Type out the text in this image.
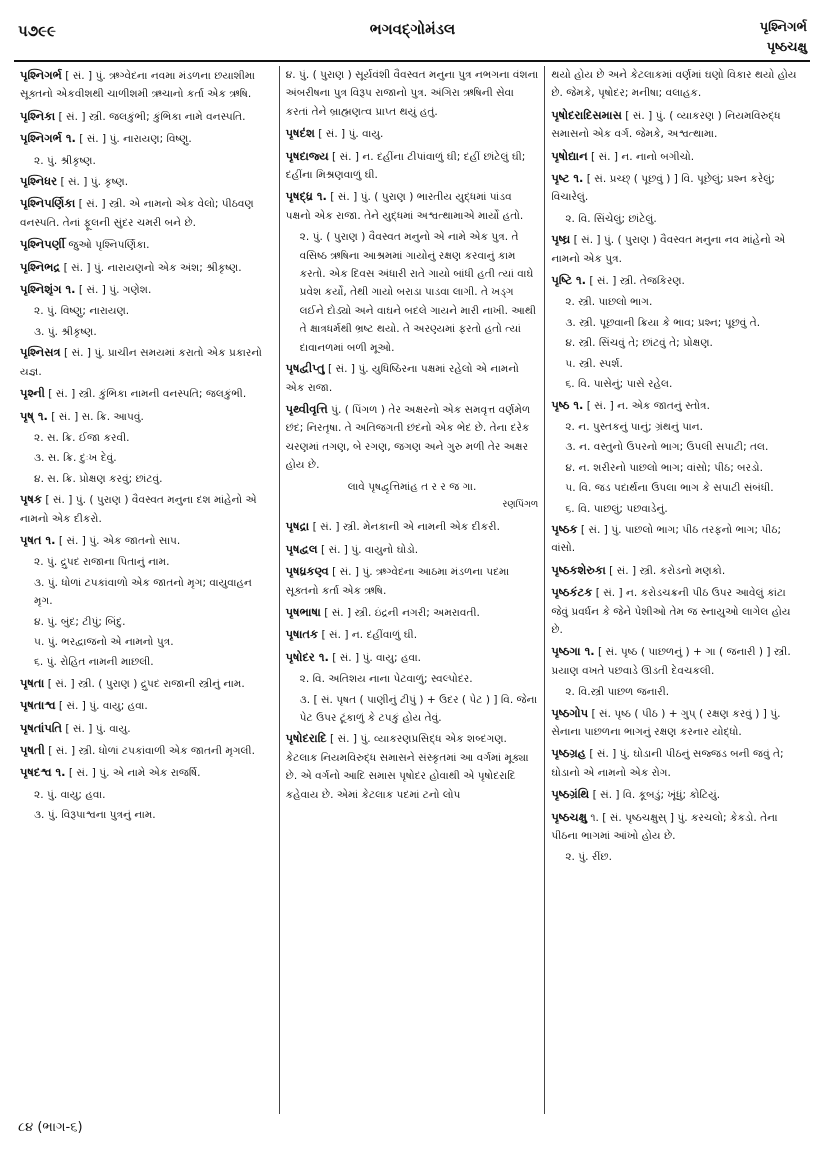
પ૭૯૯	ભગવદ્ગોમંડલ	પૃશ્નિગર્ભ
પૃષ્ઠચક્ષુ

પૃશ્નિગર્ભ [ સં. ] પું. ઋગ્વેદના નવમા મંડળના છયાશીમા સૂક્તનો એકવીશથી ચાળીશમી ઋચાનો કર્તા એક ઋષિ.

પૃશ્નિકા [ સં. ] સ્ત્રી. જલકુંભી; કુંભિકા નામે વનસ્પતિ.

પૃશ્નિગર્ભ ૧. [ સં. ] પું. નારાયણ; વિષ્ણુ.

૨. પું. શ્રીકૃષ્ણ.

પૃશ્નિધર [ સં. ] પું. કૃષ્ણ.

પૃશ્નિપર્ણિકા [ સં. ] સ્ત્રી. એ નામનો એક વેલો; પીઠવણ વનસ્પતિ. તેનાં ફૂલની સુંદર ચમરી બને છે.

પૃશ્નિપર્ણી જુઓ પૃશ્નિપર્ણિકા.

પૃશ્નિભદ્ર [ સં. ] પું. નારાયણનો એક અંશ; શ્રીકૃષ્ણ.

પૃશ્નિશૃંગ ૧. [ સં. ] પું. ગણેશ.

૨. પું. વિષ્ણુ; નારાયણ.

૩. પું. શ્રીકૃષ્ણ.

પૃશ્નિસત્ર [ સં. ] પું. પ્રાચીન સમયમાં કરાતો એક પ્રકારનો યજ્ઞ.

પૃશ્ની [ સં. ] સ્ત્રી. કુંભિકા નામની વનસ્પતિ; જલકુંભી.

પૃષ્ ૧. [ સં. ] સ. ક્રિ. આપવું.

૨. સ. ક્રિ. ઈજા કરવી.

૩. સ. ક્રિ. દુઃખ દેવું.

૪. સ. ક્રિ. પ્રોક્ષણ કરવું; છાંટવું.

પૃષક [ સં. ] પું. ( પુરાણ ) વૈવસ્વત મનુના દશ માંહેનો એ નામનો એક દીકરો.

પૃષત ૧. [ સં. ] પું. એક જાતનો સાપ.

૨. પું. દ્રુપદ રાજાના પિતાનું નામ.

૩. પું. ધોળાં ટપકાંવાળો એક જાતનો મૃગ; વાયુવાહન મૃગ.

૪. પું. બુંદ; ટીપું; બિંદુ.

૫. પું. ભરદ્વાજનો એ નામનો પુત્ર.

૬. પું. રોહિત નામની માછલી.

પૃષતા [ સં. ] સ્ત્રી. ( પુરાણ ) દ્રુપદ રાજાની સ્ત્રીનું નામ.

પૃષતાશ્વ [ સં. ] પું. વાયુ; હવા.

પૃષતાંપતિ [ સં. ] પું. વાયુ.

પૃષતી [ સં. ] સ્ત્રી. ધોળાં ટપકાંવાળી એક જાતની મૃગલી.

પૃષદશ્વ ૧. [ સં. ] પું. એ નામે એક રાજર્ષિ.

૨. પું. વાયુ; હવા.

૩. પું. વિરૂપાશ્વના પુત્રનું નામ.

૪. પું. ( પુરાણ ) સૂર્યવંશી વૈવસ્વત મનુના પુત્ર નભગના વંશના અંબરીષના પુત્ર વિરૂપ રાજાનો પુત્ર. અંગિરા ઋષિની સેવા કરતાં તેને બ્રાહ્મણત્વ પ્રાપ્ત થયું હતું.

પૃષદંશ [ સં. ] પું. વાયુ.

પૃષદાજ્ય [ સં. ] ન. દહીંના ટીપાંવાળું ઘી; દહીં છાંટેલું ઘી; દહીંના મિશ્રણવાળું ઘી.

પૃષદ્ધ્ર ૧. [ સં. ] પું. ( પુરાણ ) ભારતીય યુદ્ધમાં પાંડવ પક્ષનો એક રાજા. તેને યુદ્ધમાં અશ્વત્થામાએ માર્યો હતો.

૨. પું. ( પુરાણ ) વૈવસ્વત મનુનો એ નામે એક પુત્ર. તે વસિષ્ઠ ઋષિના આશ્રમમાં ગાયોનું રક્ષણ કરવાનું કામ કરતો. એક દિવસ અંધારી રાતે ગાયો બાંધી હતી ત્યાં વાઘે પ્રવેશ કર્યો, તેથી ગાયો બરાડા પાડવા લાગી. તે ખડ્ગ લઈને દોડ્યો અને વાઘને બદલે ગાયને મારી નાખી. આથી તે ક્ષાત્રધર્મથી ભ્રષ્ટ થયો. તે અરણ્યમાં ફરતો હતો ત્યાં દાવાનળમાં બળી મૂઓ.

પૃષદ્વીપ્તુ [ સં. ] પું. યુધિષ્ઠિરના પક્ષમાં રહેલો એ નામનો એક રાજા.

પૃથ્વીવૃત્તિ પું. ( પિંગળ ) તેર અક્ષરનો એક સમવૃત્ત વર્ણમેળ છંદ; નિરતૃષા. તે અતિજગતી છંદનો એક ભેદ છે. તેના દરેક ચરણમાં તગણ, બે રગણ, જગણ અને ગુરુ મળી તેર અક્ષર હોય છે.

લાવે પૃષદ્વૃત્તિમાંહ ત ર ર જ ગા.

રણપિંગળ

પૃષદ્રા [ સં. ] સ્ત્રી. મેનકાની એ નામની એક દીકરી.

પૃષદ્વલ [ સં. ] પું. વાયુનો ઘોડો.

પૃષધ્રકણ્વ [ સં. ] પું. ઋગ્વેદના આઠમા મંડળના પદમા સૂક્તનો કર્તા એક ઋષિ.

પૃષભાષા [ સં. ] સ્ત્રી. ઇંદ્રની નગરી; અમરાવતી.

પૃષાતક [ સં. ] ન. દહીંવાળું ઘી.

પૃષોદર ૧. [ સં. ] પું. વાયુ; હવા.

૨. વિ. અતિશય નાના પેટવાળું; સ્વલ્પોદર.

૩. [ સં. પૃષત ( પાણીનું ટીપું ) + ઉદર ( પેટ ) ] વિ. જેના પેટ ઉપર ટૂંકાળું કે ટપકું હોય તેવું.

પૃષોદરાદિ [ સં. ] પું. વ્યાકરણપ્રસિદ્ધ એક શબ્દગણ. કેટલાક નિયમવિરુદ્ધ સમાસને સંસ્કૃતમાં આ વર્ગમાં મૂક્યા છે. એ વર્ગનો આદિ સમાસ પૃષોદર હોવાથી એ પૃષોદરાદિ કહેવાય છે. એમાં કેટલાક પદમાં ટનો લોપ

થયો હોય છે અને કેટલાકમાં વર્ણમાં ઘણો વિકાર થયો હોય છે. જેમકે, પૃષોદર; મનીષા; વલાહક.

પૃષોદરાદિસમાસ [ સં. ] પું. ( વ્યાકરણ ) નિયમવિરુદ્ધ સમાસનો એક વર્ગ. જેમકે, અશ્વત્થામા.

પૃષોદ્યાન [ સં. ] ન. નાનો બગીચો.

પૃષ્ટ ૧. [ સં. પ્રચ્છ્ ( પૂછવું ) ] વિ. પૂછેલું; પ્રશ્ન કરેલું; વિચારેલું.

૨. વિ. સિંચેલું; છાંટેલું.

પૃષ્ઘ્ર [ સં. ] પું. ( પુરાણ ) વૈવસ્વત મનુના નવ માંહેનો એ નામનો એક પુત્ર.

પૃષ્ટિ ૧. [ સં. ] સ્ત્રી. તેજકિરણ.

૨. સ્ત્રી. પાછલો ભાગ.

૩. સ્ત્રી. પૂછવાની ક્રિયા કે ભાવ; પ્રશ્ન; પૂછવું તે.

૪. સ્ત્રી. સિંચવું તે; છાંટવું તે; પ્રોક્ષણ.

૫. સ્ત્રી. સ્પર્શ.

૬. વિ. પાસેનું; પાસે રહેલ.

પૃષ્ઠ ૧. [ સં. ] ન. એક જાતનું સ્તોત્ર.

૨. ન. પુસ્તકનું પાનું; ગ્રંથનું પાન.

૩. ન. વસ્તુનો ઉપરનો ભાગ; ઉપલી સપાટી; તલ.

૪. ન. શરીરનો પાછલો ભાગ; વાંસો; પીઠ; બરડો.

૫. વિ. જડ પદાર્થના ઉપલા ભાગ કે સપાટી સંબંધી.

૬. વિ. પાછલું; પછવાડેનું.

પૃષ્ઠક [ સં. ] પું. પાછલો ભાગ; પીઠ તરફનો ભાગ; પીઠ; વાંસો.

પૃષ્ઠકશેરુકા [ સં. ] સ્ત્રી. કરોડનો મણકો.

પૃષ્ઠકંટક [ સં. ] ન. કરોડચક્રની પીઠ ઉપર આવેલું કાંટા જેવું પ્રવર્ધન કે જેને પેશીઓ તેમ જ સ્નાયુઓ લાગેલ હોય છે.

પૃષ્ઠગા ૧. [ સં. પૃષ્ઠ ( પાછળનું ) + ગા ( જનારી ) ] સ્ત્રી. પ્રયાણ વખતે પછવાડે ઊડતી દેવચકલી.

૨. વિ.સ્ત્રી પાછળ જનારી.

પૃષ્ઠગોપ [ સં. પૃષ્ઠ ( પીઠ ) + ગુપ્ ( રક્ષણ કરવું ) ] પું. સેનાના પાછળના ભાગનું રક્ષણ કરનાર યોદ્ધો.

પૃષ્ઠગ્રહ [ સં. ] પું. ઘોડાની પીઠનું સજ્જડ બની જવું તે; ઘોડાનો એ નામનો એક રોગ.

પૃષ્ઠગ્રંથિ [ સં. ] વિ. કૂબડું; ખૂંધું; કોટિયું.

પૃષ્ઠચક્ષુ ૧. [ સં. પૃષ્ઠચક્ષુસ્ ] પું. કરચલો; કેકડો. તેના પીઠના ભાગમાં આંખો હોય છે.

૨. પું. રીંછ.

૮૪ (ભાગ-૬)
